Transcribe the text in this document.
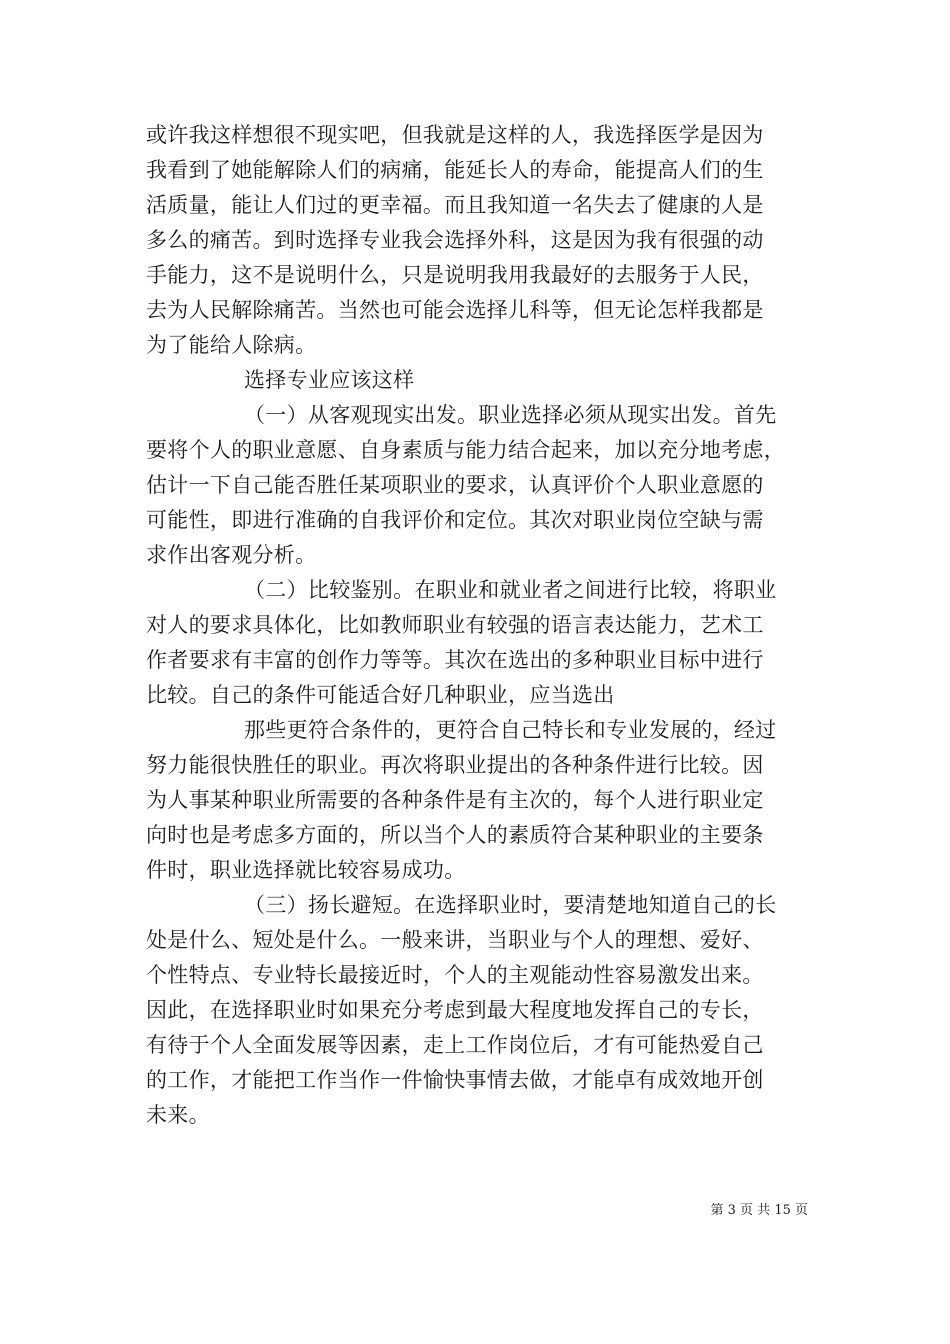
或许我这样想很不现实吧，但我就是这样的人，我选择医学是因为
我看到了她能解除人们的病痛，能延长人的寿命，能提高人们的生
活质量，能让人们过的更幸福。而且我知道一名失去了健康的人是
多么的痛苦。到时选择专业我会选择外科，这是因为我有很强的动
手能力，这不是说明什么，只是说明我用我最好的去服务于人民，
去为人民解除痛苦。当然也可能会选择儿科等，但无论怎样我都是
为了能给人除病。
选择专业应该这样
（一）从客观现实出发。职业选择必须从现实出发。首先
要将个人的职业意愿、自身素质与能力结合起来，加以充分地考虑，
估计一下自己能否胜任某项职业的要求，认真评价个人职业意愿的
可能性，即进行准确的自我评价和定位。其次对职业岗位空缺与需
求作出客观分析。
（二）比较鉴别。在职业和就业者之间进行比较，将职业
对人的要求具体化，比如教师职业有较强的语言表达能力，艺术工
作者要求有丰富的创作力等等。其次在选出的多种职业目标中进行
比较。自己的条件可能适合好几种职业，应当选出
那些更符合条件的，更符合自己特长和专业发展的，经过
努力能很快胜任的职业。再次将职业提出的各种条件进行比较。因
为人事某种职业所需要的各种条件是有主次的，每个人进行职业定
向时也是考虑多方面的，所以当个人的素质符合某种职业的主要条
件时，职业选择就比较容易成功。
（三）扬长避短。在选择职业时，要清楚地知道自己的长
处是什么、短处是什么。一般来讲，当职业与个人的理想、爱好、
个性特点、专业特长最接近时，个人的主观能动性容易激发出来。
因此，在选择职业时如果充分考虑到最大程度地发挥自己的专长，
有待于个人全面发展等因素，走上工作岗位后，才有可能热爱自己
的工作，才能把工作当作一件愉快事情去做，才能卓有成效地开创
未来。
第 3 页 共 15 页
